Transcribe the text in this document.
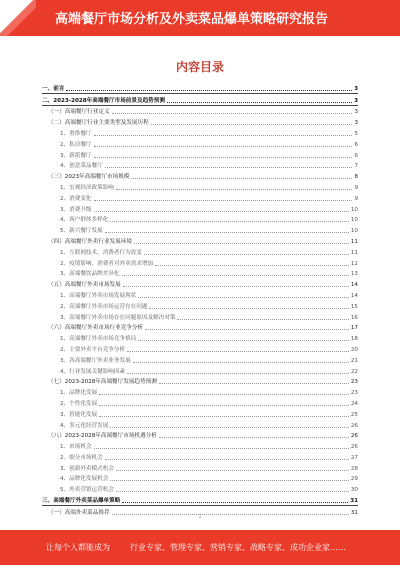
高端餐厅市场分析及外卖菜品爆单策略研究报告
内容目录
一、前言	3
二、2023-2028年高端餐厅市场前景及趋势预测	3
（一）高端餐厅行业定义	3
（二）高端餐厅行业主要类型及发展历程	3
1、奢侈餐厅	5
2、私房餐厅	6
3、新派餐厅	6
4、创意菜品餐厅	7
（三）2023年高端餐厅市场规模	8
1、宏观经济政策影响	9
2、消费变化	9
3、消费升级	10
4、客户群体多样化	10
5、新兴餐厅发展	10
（四）高端餐厅外卖行业发展环境	11
1、互联网技术，消费者行为改变	11
2、疫情影响，消费者对外卖需求增加	12
3、高端餐饮品牌差异化	13
（五）高端餐厅外卖市场发展	14
1、高端餐厅外卖市场发展现状	14
2、高端餐厅外卖市场运营存在问题	15
3、高端餐厅外卖市场存在问题原因及解决对策	16
（六）高端餐厅外卖市场行业竞争分析	17
1、高端餐厅外卖市场竞争格局	18
2、主要外卖平台竞争分析	20
3、各高端餐厅外卖业务发展	21
4、行业发展关键影响因素	22
（七）2023-2028年高端餐厅发展趋势预测	23
1、品牌化发展	23
2、个性化发展	24
3、智能化发展	25
4、多元化经营发展	26
（八）2023-2028年高端餐厅市场机遇分析	26
1、市场机会	26
2、细分市场机会	27
3、创新外卖模式机会	28
4、品牌化发展机会	29
5、外卖营销运营机会	30
三、高端餐厅外卖菜品爆单策略	31
（一）高端外卖菜品推荐	31
1
让每个人都能成为	行业专家、管理专家、营销专家、战略专家、成功企业家……
